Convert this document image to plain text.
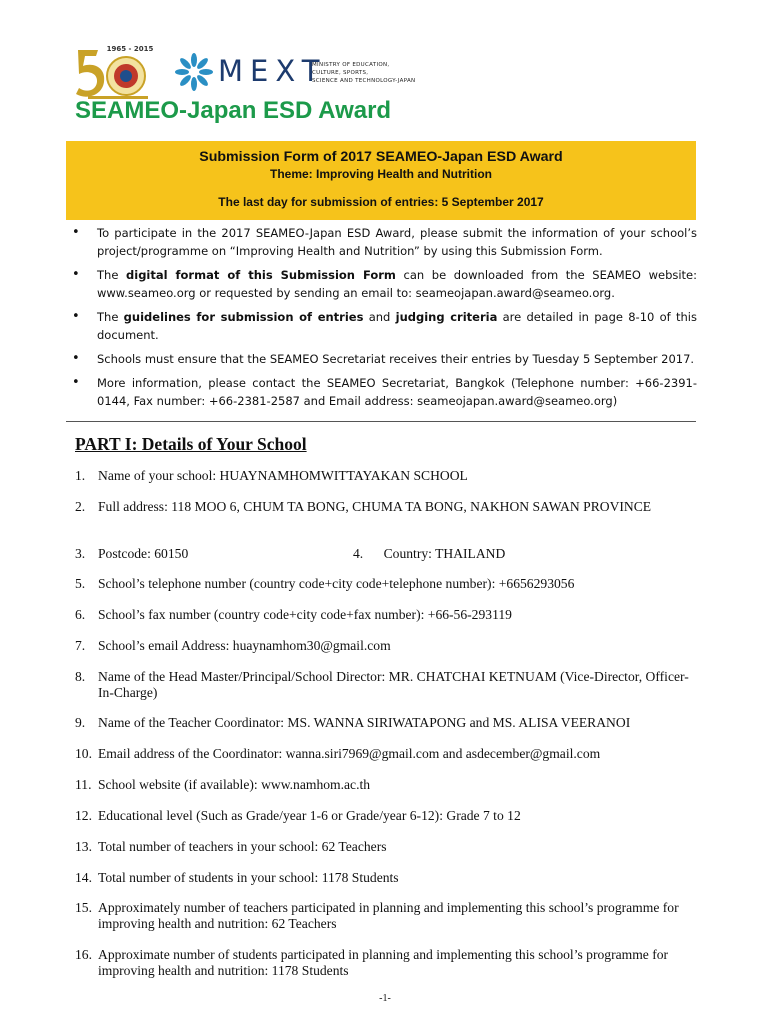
1965 - 2015
MEXT
MINISTRY OF EDUCATION,
CULTURE, SPORTS,
SCIENCE AND TECHNOLOGY-JAPAN
SEAMEO-Japan ESD Award
Submission Form of 2017 SEAMEO-Japan ESD Award
Theme: Improving Health and Nutrition
The last day for submission of entries: 5 September 2017
• To participate in the 2017 SEAMEO-Japan ESD Award, please submit the information of your school’s project/programme on “Improving Health and Nutrition” by using this Submission Form.
• The digital format of this Submission Form can be downloaded from the SEAMEO website: www.seameo.org or requested by sending an email to: seameojapan.award@seameo.org.
• The guidelines for submission of entries and judging criteria are detailed in page 8-10 of this document.
• Schools must ensure that the SEAMEO Secretariat receives their entries by Tuesday 5 September 2017.
• More information, please contact the SEAMEO Secretariat, Bangkok (Telephone number: +66-2391-0144, Fax number: +66-2381-2587 and Email address: seameojapan.award@seameo.org)
PART I: Details of Your School
1. Name of your school: HUAYNAMHOMWITTAYAKAN SCHOOL
2. Full address: 118 MOO 6, CHUM TA BONG, CHUMA TA BONG, NAKHON SAWAN PROVINCE
3. Postcode: 60150	4. Country: THAILAND
5. School’s telephone number (country code+city code+telephone number): +6656293056
6. School’s fax number (country code+city code+fax number): +66-56-293119
7. School’s email Address: huaynamhom30@gmail.com
8. Name of the Head Master/Principal/School Director: MR. CHATCHAI KETNUAM (Vice-Director, Officer-In-Charge)
9. Name of the Teacher Coordinator: MS. WANNA SIRIWATAPONG and MS. ALISA VEERANOI
10. Email address of the Coordinator: wanna.siri7969@gmail.com and asdecember@gmail.com
11. School website (if available): www.namhom.ac.th
12. Educational level (Such as Grade/year 1-6 or Grade/year 6-12): Grade 7 to 12
13. Total number of teachers in your school: 62 Teachers
14. Total number of students in your school: 1178 Students
15. Approximately number of teachers participated in planning and implementing this school’s programme for improving health and nutrition: 62 Teachers
16. Approximate number of students participated in planning and implementing this school’s programme for improving health and nutrition: 1178 Students
-1-
